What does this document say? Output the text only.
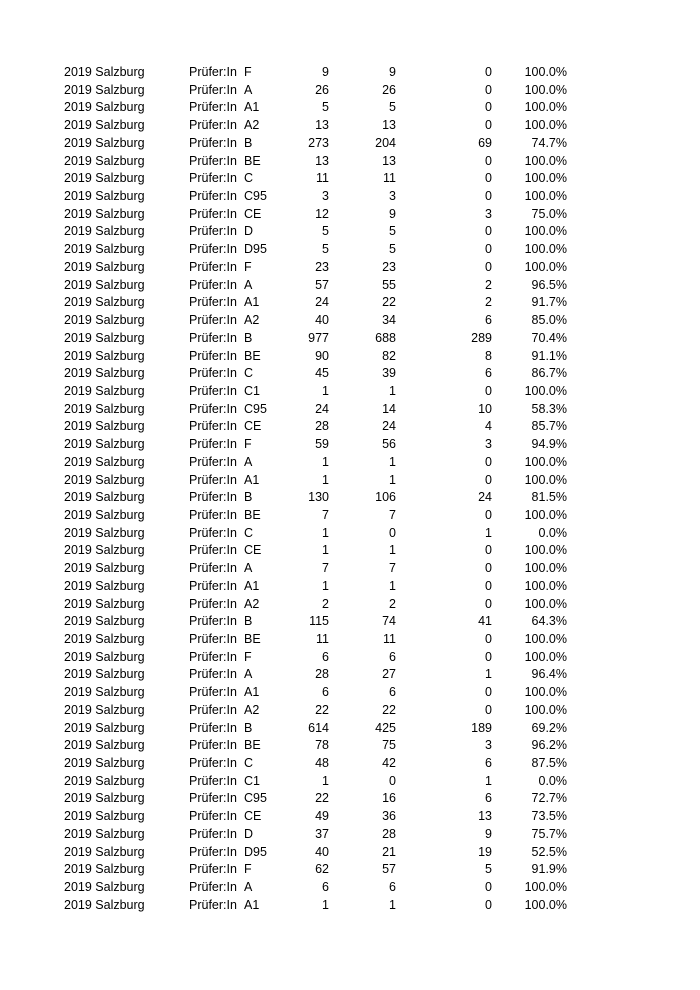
2019 Salzburg	Prüfer:In F	9	9	0	100.0%
2019 Salzburg	Prüfer:In A	26	26	0	100.0%
2019 Salzburg	Prüfer:In A1	5	5	0	100.0%
2019 Salzburg	Prüfer:In A2	13	13	0	100.0%
2019 Salzburg	Prüfer:In B	273	204	69	74.7%
2019 Salzburg	Prüfer:In BE	13	13	0	100.0%
2019 Salzburg	Prüfer:In C	11	11	0	100.0%
2019 Salzburg	Prüfer:In C95	3	3	0	100.0%
2019 Salzburg	Prüfer:In CE	12	9	3	75.0%
2019 Salzburg	Prüfer:In D	5	5	0	100.0%
2019 Salzburg	Prüfer:In D95	5	5	0	100.0%
2019 Salzburg	Prüfer:In F	23	23	0	100.0%
2019 Salzburg	Prüfer:In A	57	55	2	96.5%
2019 Salzburg	Prüfer:In A1	24	22	2	91.7%
2019 Salzburg	Prüfer:In A2	40	34	6	85.0%
2019 Salzburg	Prüfer:In B	977	688	289	70.4%
2019 Salzburg	Prüfer:In BE	90	82	8	91.1%
2019 Salzburg	Prüfer:In C	45	39	6	86.7%
2019 Salzburg	Prüfer:In C1	1	1	0	100.0%
2019 Salzburg	Prüfer:In C95	24	14	10	58.3%
2019 Salzburg	Prüfer:In CE	28	24	4	85.7%
2019 Salzburg	Prüfer:In F	59	56	3	94.9%
2019 Salzburg	Prüfer:In A	1	1	0	100.0%
2019 Salzburg	Prüfer:In A1	1	1	0	100.0%
2019 Salzburg	Prüfer:In B	130	106	24	81.5%
2019 Salzburg	Prüfer:In BE	7	7	0	100.0%
2019 Salzburg	Prüfer:In C	1	0	1	0.0%
2019 Salzburg	Prüfer:In CE	1	1	0	100.0%
2019 Salzburg	Prüfer:In A	7	7	0	100.0%
2019 Salzburg	Prüfer:In A1	1	1	0	100.0%
2019 Salzburg	Prüfer:In A2	2	2	0	100.0%
2019 Salzburg	Prüfer:In B	115	74	41	64.3%
2019 Salzburg	Prüfer:In BE	11	11	0	100.0%
2019 Salzburg	Prüfer:In F	6	6	0	100.0%
2019 Salzburg	Prüfer:In A	28	27	1	96.4%
2019 Salzburg	Prüfer:In A1	6	6	0	100.0%
2019 Salzburg	Prüfer:In A2	22	22	0	100.0%
2019 Salzburg	Prüfer:In B	614	425	189	69.2%
2019 Salzburg	Prüfer:In BE	78	75	3	96.2%
2019 Salzburg	Prüfer:In C	48	42	6	87.5%
2019 Salzburg	Prüfer:In C1	1	0	1	0.0%
2019 Salzburg	Prüfer:In C95	22	16	6	72.7%
2019 Salzburg	Prüfer:In CE	49	36	13	73.5%
2019 Salzburg	Prüfer:In D	37	28	9	75.7%
2019 Salzburg	Prüfer:In D95	40	21	19	52.5%
2019 Salzburg	Prüfer:In F	62	57	5	91.9%
2019 Salzburg	Prüfer:In A	6	6	0	100.0%
2019 Salzburg	Prüfer:In A1	1	1	0	100.0%
